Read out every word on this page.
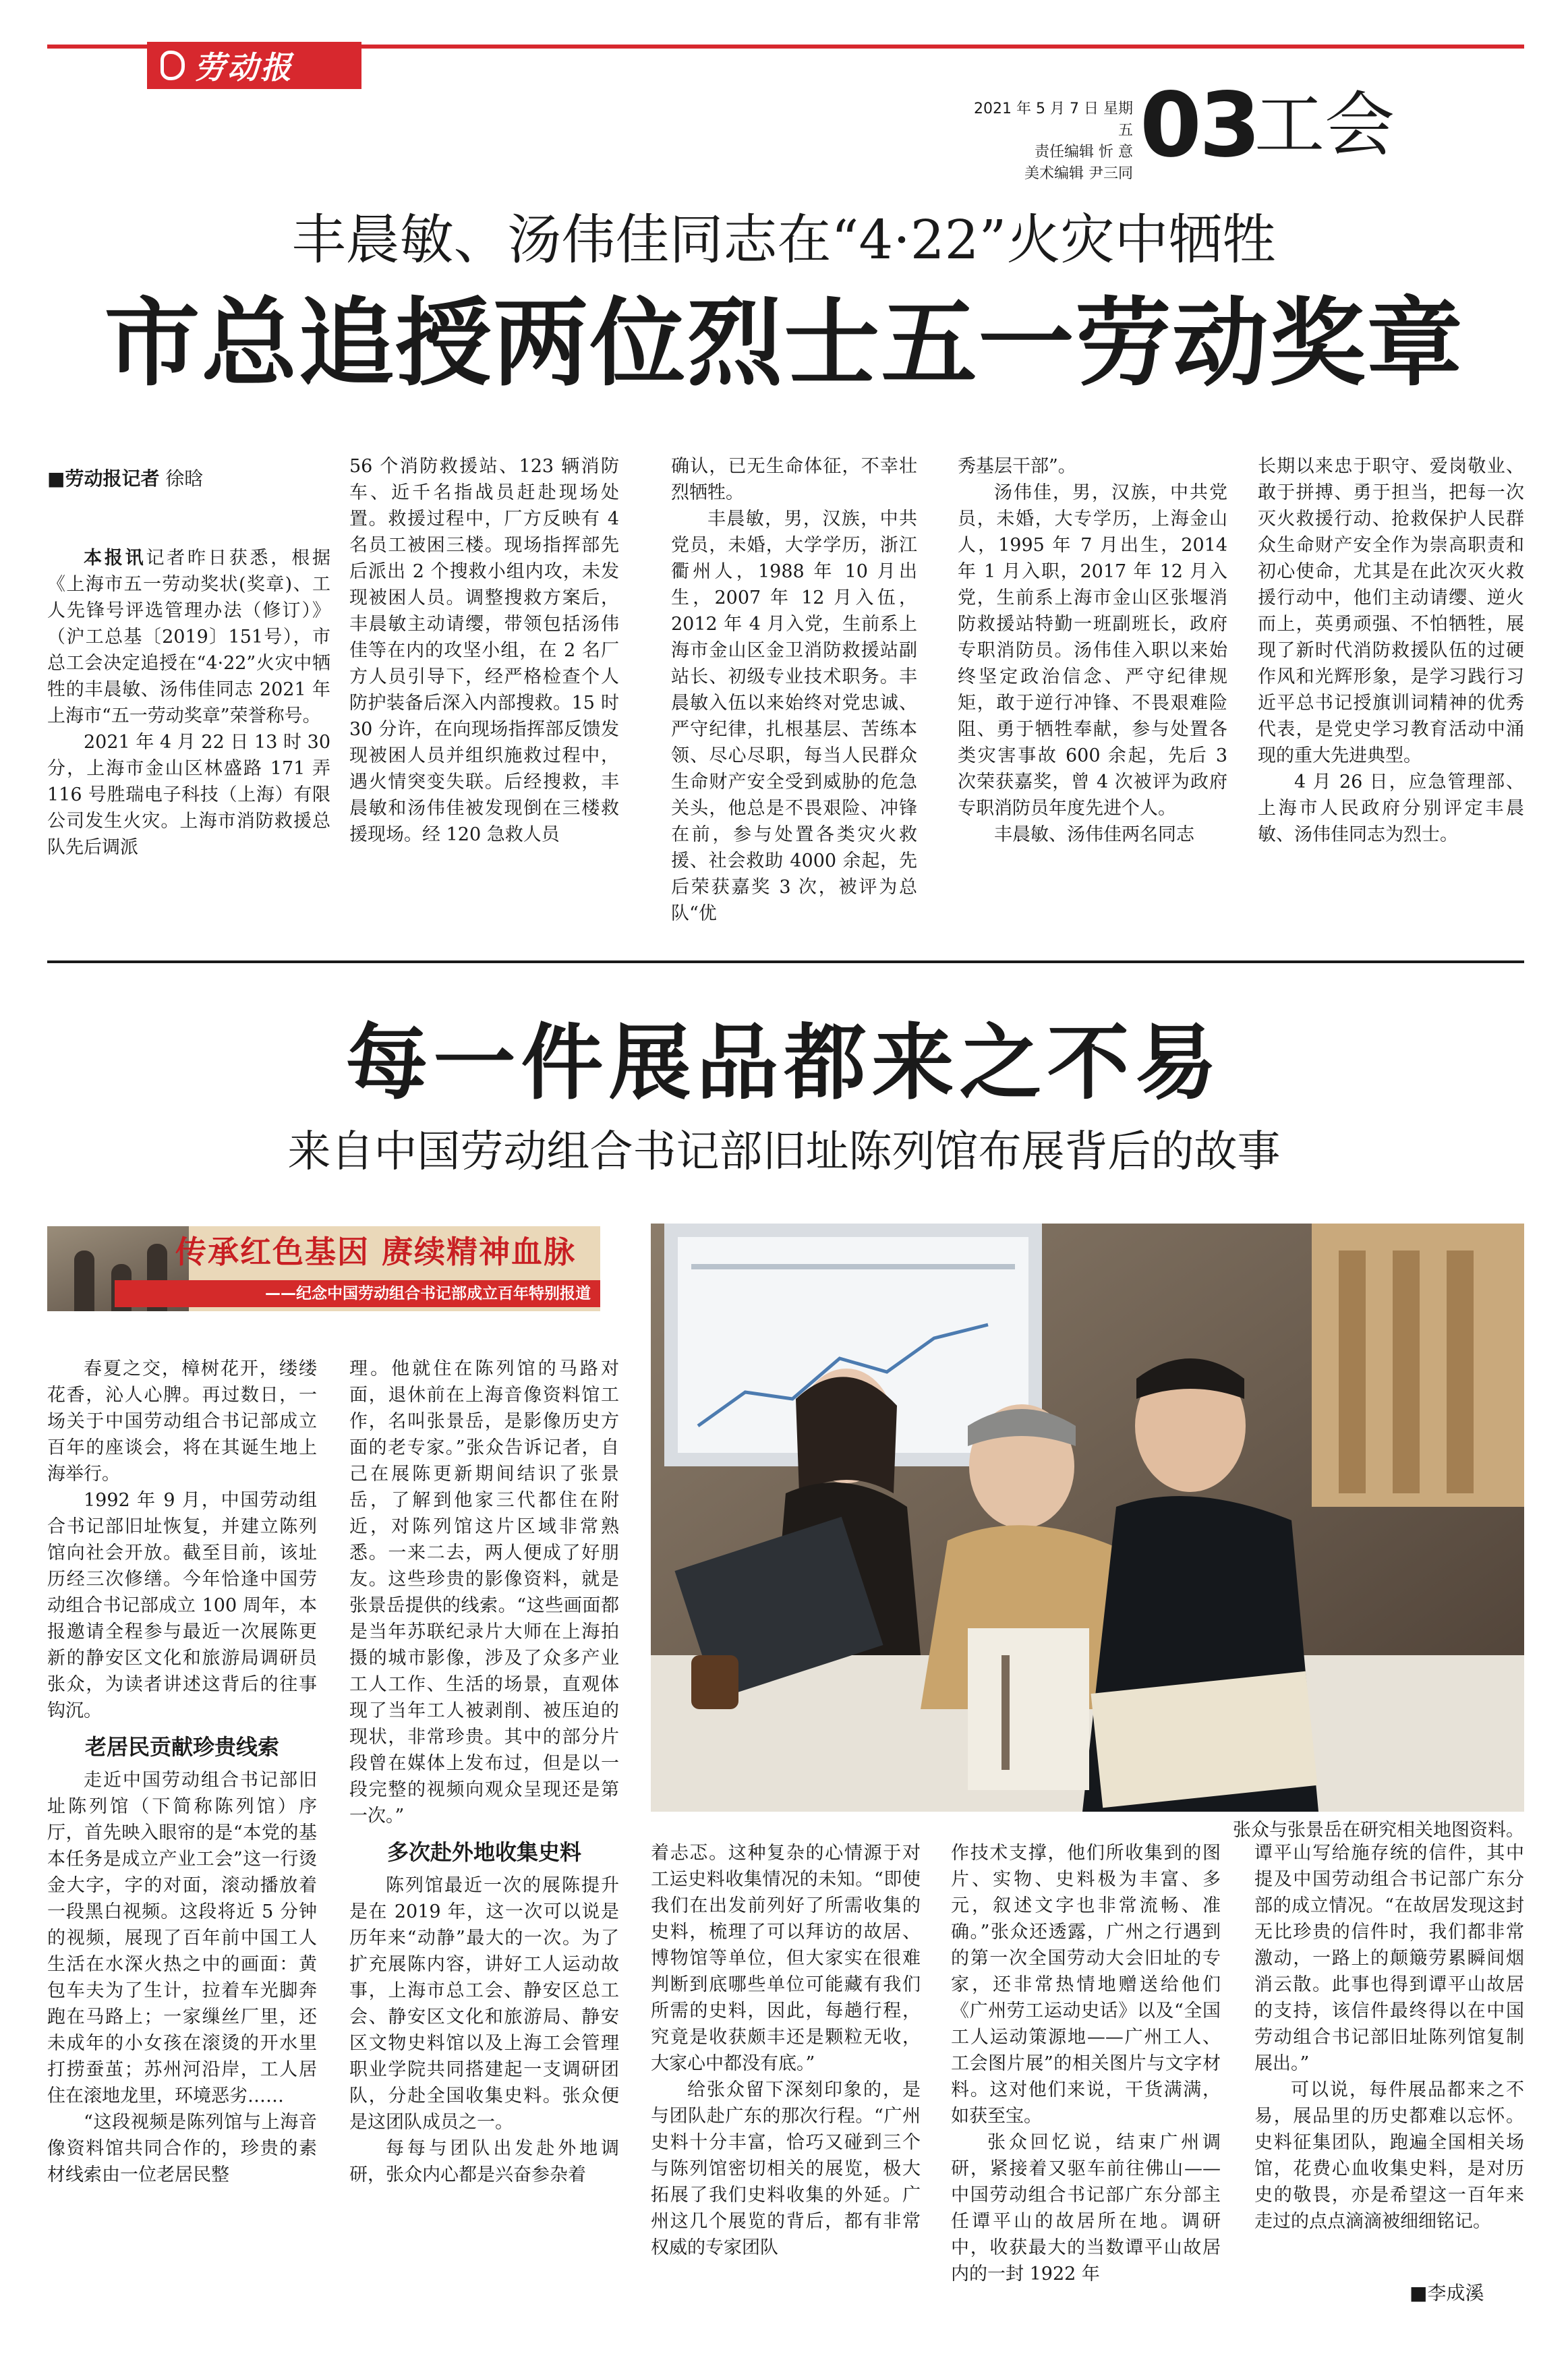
劳动报
2021 年 5 月 7 日 星期五
责任编辑 忻 意
美术编辑 尹三同 03
工会
丰晨敏、汤伟佳同志在“4·22”火灾中牺牲
市总追授两位烈士五一劳动奖章
■劳动报记者 徐晗

本报讯记者昨日获悉，根据《上海市五一劳动奖状(奖章)、工人先锋号评选管理办法（修订）》（沪工总基〔2019〕151号），市总工会决定追授在“4·22”火灾中牺牲的丰晨敏、汤伟佳同志 2021 年上海市“五一劳动奖章”荣誉称号。

2021 年 4 月 22 日 13 时 30 分，上海市金山区林盛路 171 弄 116 号胜瑞电子科技（上海）有限公司发生火灾。上海市消防救援总队先后调派

56 个消防救援站、123 辆消防车、近千名指战员赶赴现场处置。救援过程中，厂方反映有 4 名员工被困三楼。现场指挥部先后派出 2 个搜救小组内攻，未发现被困人员。调整搜救方案后，丰晨敏主动请缨，带领包括汤伟佳等在内的攻坚小组，在 2 名厂方人员引导下，经严格检查个人防护装备后深入内部搜救。15 时 30 分许，在向现场指挥部反馈发现被困人员并组织施救过程中，遇火情突变失联。后经搜救，丰晨敏和汤伟佳被发现倒在三楼救援现场。经 120 急救人员

确认，已无生命体征，不幸壮烈牺牲。

丰晨敏，男，汉族，中共党员，未婚，大学学历，浙江衢州人，1988 年 10 月出生，2007 年 12 月入伍，2012 年 4 月入党，生前系上海市金山区金卫消防救援站副站长、初级专业技术职务。丰晨敏入伍以来始终对党忠诚、严守纪律，扎根基层、苦练本领、尽心尽职，每当人民群众生命财产安全受到威胁的危急关头，他总是不畏艰险、冲锋在前，参与处置各类灾火救援、社会救助 4000 余起，先后荣获嘉奖 3 次，被评为总队“优

秀基层干部”。

汤伟佳，男，汉族，中共党员，未婚，大专学历，上海金山人，1995 年 7 月出生，2014 年 1 月入职，2017 年 12 月入党，生前系上海市金山区张堰消防救援站特勤一班副班长，政府专职消防员。汤伟佳入职以来始终坚定政治信念、严守纪律规矩，敢于逆行冲锋、不畏艰难险阻、勇于牺牲奉献，参与处置各类灾害事故 600 余起，先后 3 次荣获嘉奖，曾 4 次被评为政府专职消防员年度先进个人。

丰晨敏、汤伟佳两名同志

长期以来忠于职守、爱岗敬业、敢于拼搏、勇于担当，把每一次灭火救援行动、抢救保护人民群众生命财产安全作为崇高职责和初心使命，尤其是在此次灭火救援行动中，他们主动请缨、逆火而上，英勇顽强、不怕牺牲，展现了新时代消防救援队伍的过硬作风和光辉形象，是学习践行习近平总书记授旗训词精神的优秀代表，是党史学习教育活动中涌现的重大先进典型。

4 月 26 日，应急管理部、上海市人民政府分别评定丰晨敏、汤伟佳同志为烈士。

每一件展品都来之不易
来自中国劳动组合书记部旧址陈列馆布展背后的故事
传承红色基因 赓续精神血脉
——纪念中国劳动组合书记部成立百年特别报道
张众与张景岳在研究相关地图资料。

春夏之交，樟树花开，缕缕花香，沁人心脾。再过数日，一场关于中国劳动组合书记部成立百年的座谈会，将在其诞生地上海举行。

1992 年 9 月，中国劳动组合书记部旧址恢复，并建立陈列馆向社会开放。截至目前，该址历经三次修缮。今年恰逢中国劳动组合书记部成立 100 周年，本报邀请全程参与最近一次展陈更新的静安区文化和旅游局调研员张众，为读者讲述这背后的往事钩沉。

老居民贡献珍贵线索

走近中国劳动组合书记部旧址陈列馆（下简称陈列馆）序厅，首先映入眼帘的是“本党的基本任务是成立产业工会”这一行烫金大字，字的对面，滚动播放着一段黑白视频。这段将近 5 分钟的视频，展现了百年前中国工人生活在水深火热之中的画面：黄包车夫为了生计，拉着车光脚奔跑在马路上；一家缫丝厂里，还未成年的小女孩在滚烫的开水里打捞蚕茧；苏州河沿岸，工人居住在滚地龙里，环境恶劣……

“这段视频是陈列馆与上海音像资料馆共同合作的，珍贵的素材线索由一位老居民整

理。他就住在陈列馆的马路对面，退休前在上海音像资料馆工作，名叫张景岳，是影像历史方面的老专家。”张众告诉记者，自己在展陈更新期间结识了张景岳，了解到他家三代都住在附近，对陈列馆这片区域非常熟悉。一来二去，两人便成了好朋友。这些珍贵的影像资料，就是张景岳提供的线索。“这些画面都是当年苏联纪录片大师在上海拍摄的城市影像，涉及了众多产业工人工作、生活的场景，直观体现了当年工人被剥削、被压迫的现状，非常珍贵。其中的部分片段曾在媒体上发布过，但是以一段完整的视频向观众呈现还是第一次。”

多次赴外地收集史料

陈列馆最近一次的展陈提升是在 2019 年，这一次可以说是历年来“动静”最大的一次。为了扩充展陈内容，讲好工人运动故事，上海市总工会、静安区总工会、静安区文化和旅游局、静安区文物史料馆以及上海工会管理职业学院共同搭建起一支调研团队，分赴全国收集史料。张众便是这团队成员之一。

每每与团队出发赴外地调研，张众内心都是兴奋参杂着

着忐忑。这种复杂的心情源于对工运史料收集情况的未知。“即使我们在出发前列好了所需收集的史料，梳理了可以拜访的故居、博物馆等单位，但大家实在很难判断到底哪些单位可能藏有我们所需的史料，因此，每趟行程，究竟是收获颇丰还是颗粒无收，大家心中都没有底。”

给张众留下深刻印象的，是与团队赴广东的那次行程。“广州史料十分丰富，恰巧又碰到三个与陈列馆密切相关的展览，极大拓展了我们史料收集的外延。广州这几个展览的背后，都有非常权威的专家团队

作技术支撑，他们所收集到的图片、实物、史料极为丰富、多元，叙述文字也非常流畅、准确。”张众还透露，广州之行遇到的第一次全国劳动大会旧址的专家，还非常热情地赠送给他们《广州劳工运动史话》以及“全国工人运动策源地——广州工人、工会图片展”的相关图片与文字材料。这对他们来说，干货满满，如获至宝。

张众回忆说，结束广州调研，紧接着又驱车前往佛山——中国劳动组合书记部广东分部主任谭平山的故居所在地。调研中，收获最大的当数谭平山故居内的一封 1922 年

谭平山写给施存统的信件，其中提及中国劳动组合书记部广东分部的成立情况。“在故居发现这封无比珍贵的信件时，我们都非常激动，一路上的颠簸劳累瞬间烟消云散。此事也得到谭平山故居的支持，该信件最终得以在中国劳动组合书记部旧址陈列馆复制展出。”

可以说，每件展品都来之不易，展品里的历史都难以忘怀。史料征集团队，跑遍全国相关场馆，花费心血收集史料，是对历史的敬畏，亦是希望这一百年来走过的点点滴滴被细细铭记。

■李成溪
